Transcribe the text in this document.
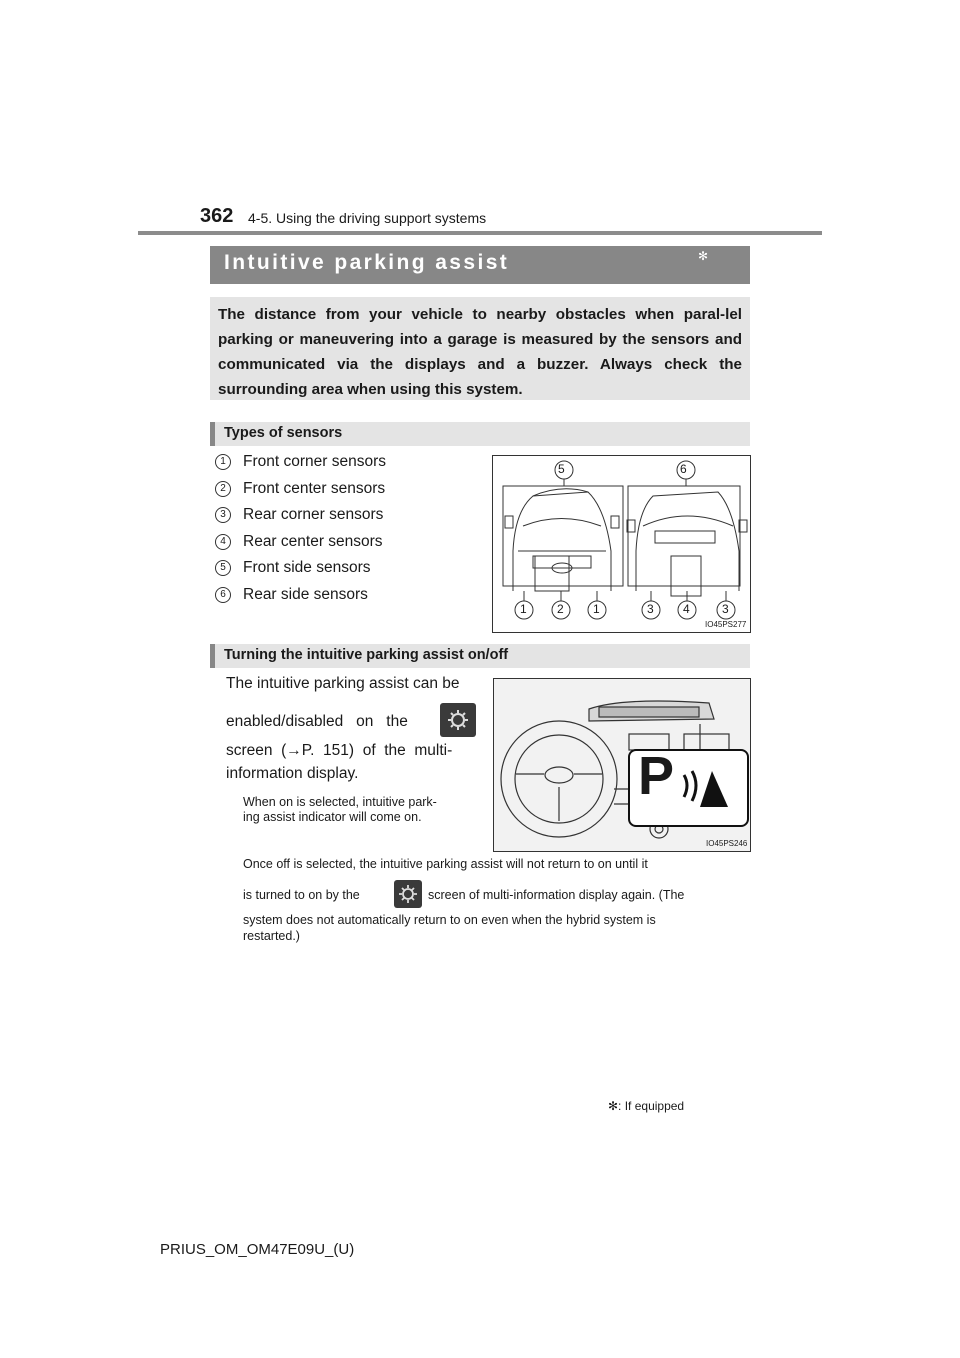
362 4-5. Using the driving support systems
Intuitive parking assist	✻
The distance from your vehicle to nearby obstacles when paral-lel parking or maneuvering into a garage is measured by the sensors and communicated via the displays and a buzzer. Always check the surrounding area when using this system.
Types of sensors
1	Front corner sensors
2	Front center sensors
3	Rear corner sensors
4	Rear center sensors
5	Front side sensors
6	Rear side sensors
5	6
1	2 1	3 4	3
IO45PS277
Turning the intuitive parking assist on/off
The intuitive parking assist can be
enabled/disabled   on   the
screen  (→P.  151)  of  the  multi-
information display.
When on is selected, intuitive park-
ing assist indicator will come on.
P
IO45PS246
Once off is selected, the intuitive parking assist will not return to on until it
is turned to on by the	screen of multi-information display again. (The
system does not automatically return to on even when the hybrid system is
restarted.)
✻: If equipped
PRIUS_OM_OM47E09U_(U)
